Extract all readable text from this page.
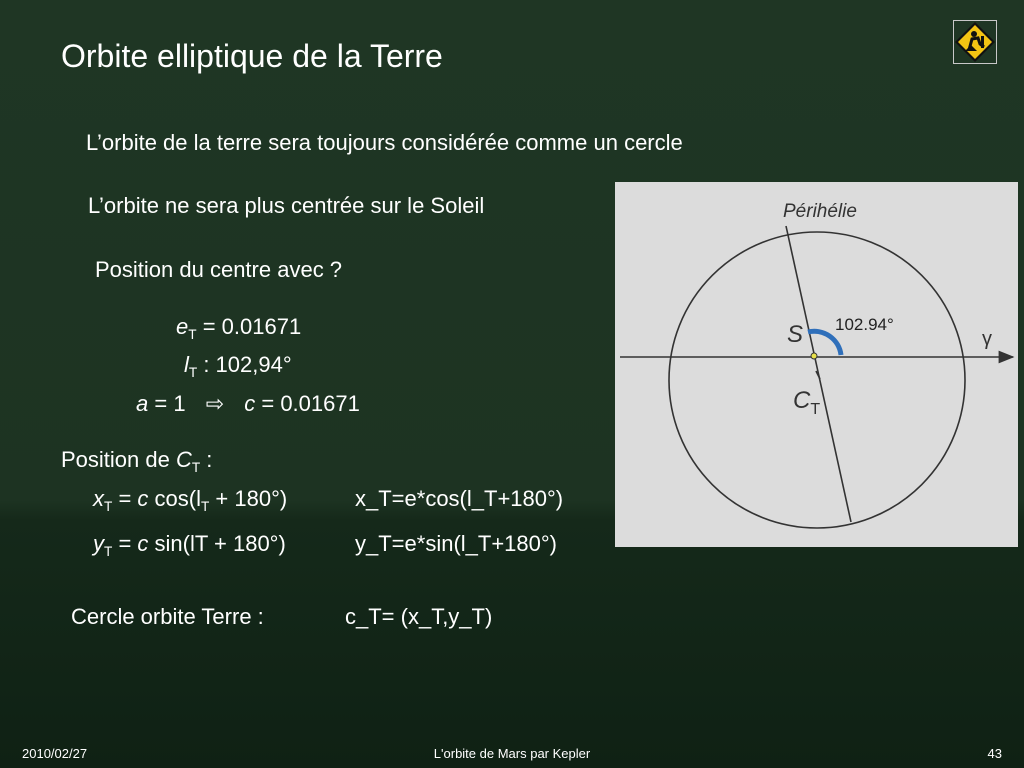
Orbite elliptique de la Terre
L’orbite de la terre sera toujours considérée comme un cercle
L’orbite ne sera plus centrée sur le Soleil
Position du centre avec ?
$e_T = 0.01671$
$l_T$ : 102,94°
a = 1 ⇨ c = 0.01671
Position de $C_T$ :
$x_T = c$ $\cos(l_T + 180^\circ)$	x_T=e*cos(l_T+180°)
$y_T = c$ sin(lT + 180°)	y_T=e*sin(l_T+180°)
Cercle orbite Terre :	c_T= (x_T,y_T)
Périhélie
102.94°
S	γ
$C_T$
2010/02/27	L'orbite de Mars par Kepler	43
